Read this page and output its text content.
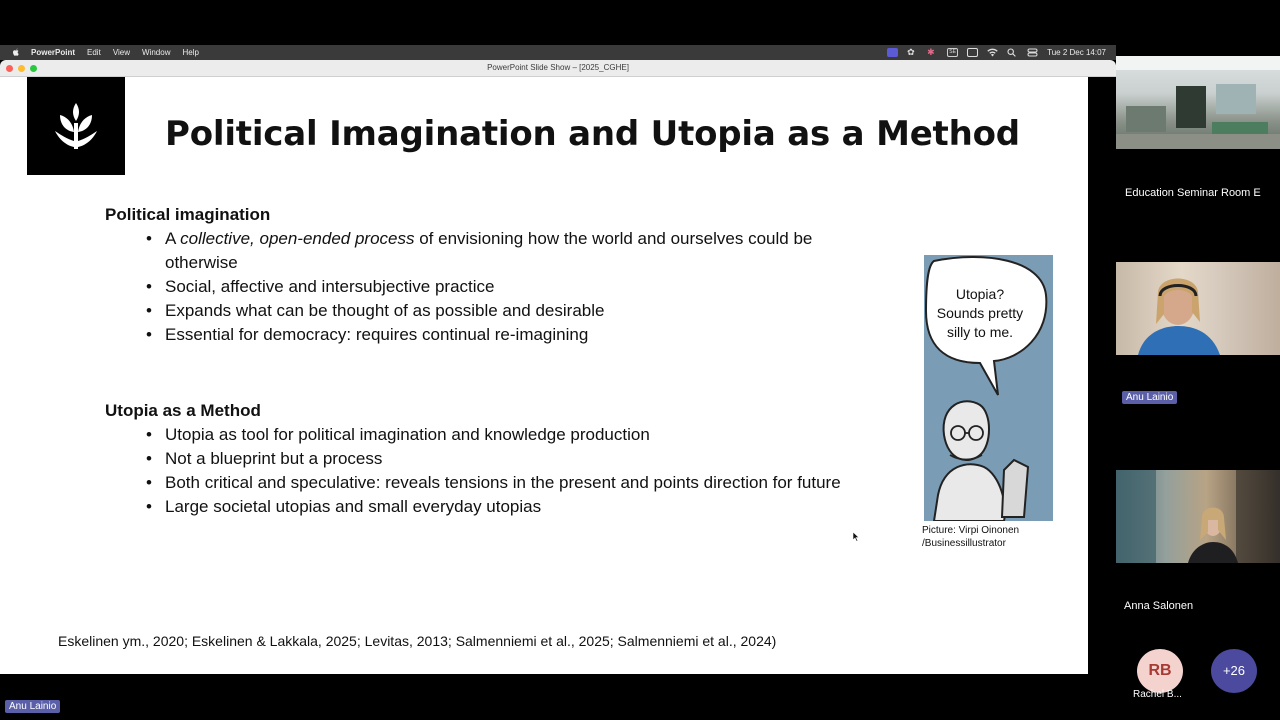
PowerPoint Edit View Window Help	✿	✱	SE	Tue 2 Dec 14:07
PowerPoint Slide Show – [2025_CGHE]
Political Imagination and Utopia as a Method
Political imagination
• A collective, open-ended process of envisioning how the world and ourselves could be otherwise
• Social, affective and intersubjective practice
• Expands what can be thought of as possible and desirable
• Essential for democracy: requires continual re-imagining
Utopia as a Method
• Utopia as tool for political imagination and knowledge production
• Not a blueprint but a process
• Both critical and speculative: reveals tensions in the present and points direction for future
• Large societal utopias and small everyday utopias
Utopia?
Sounds pretty
silly to me.
Picture: Virpi Oinonen
/Businessillustrator
Eskelinen ym., 2020; Eskelinen & Lakkala, 2025; Levitas, 2013; Salmenniemi et al., 2025; Salmenniemi et al., 2024)
Education Seminar Room E
Anu Lainio
Anna Salonen
RB
Rachel B...
+26
Anu Lainio
